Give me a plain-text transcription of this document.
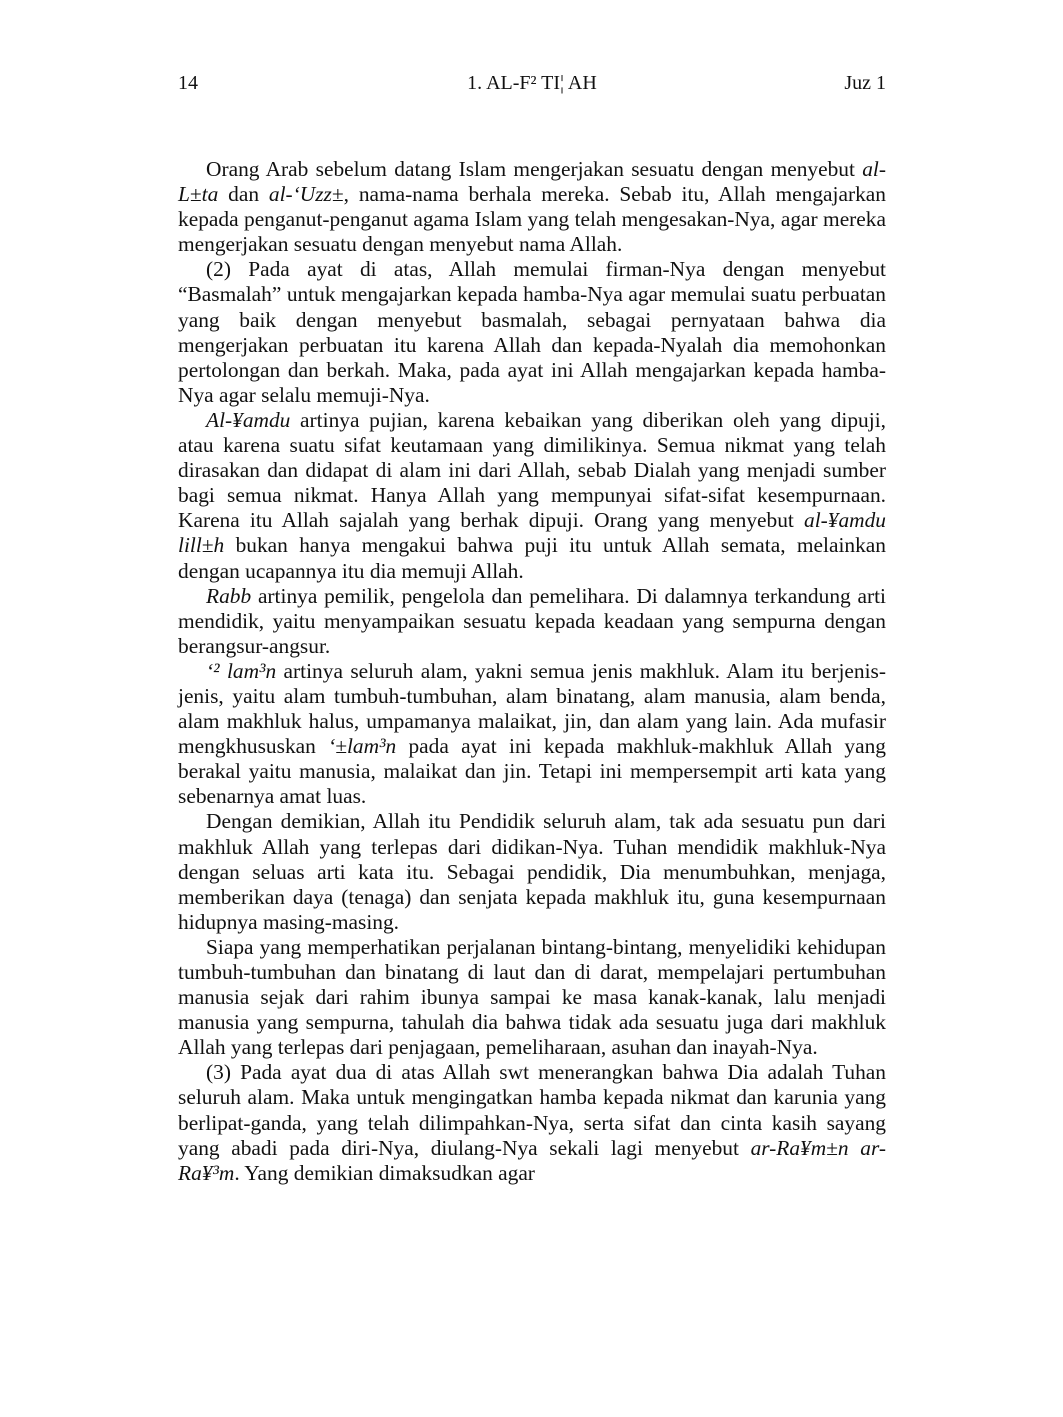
14	1. AL-F² TI¦ AH	Juz 1

Orang Arab sebelum datang Islam mengerjakan sesuatu dengan menyebut al-L±ta dan al-‘Uzz±, nama-nama berhala mereka. Sebab itu, Allah mengajarkan kepada penganut-penganut agama Islam yang telah mengesakan-Nya, agar mereka mengerjakan sesuatu dengan menyebut nama Allah.

(2) Pada ayat di atas, Allah memulai firman-Nya dengan menyebut “Basmalah” untuk mengajarkan kepada hamba-Nya agar memulai suatu perbuatan yang baik dengan menyebut basmalah, sebagai pernyataan bahwa dia mengerjakan perbuatan itu karena Allah dan kepada-Nyalah dia memohonkan pertolongan dan berkah. Maka, pada ayat ini Allah mengajarkan kepada hamba-Nya agar selalu memuji-Nya.

Al-¥amdu artinya pujian, karena kebaikan yang diberikan oleh yang dipuji, atau karena suatu sifat keutamaan yang dimilikinya. Semua nikmat yang telah dirasakan dan didapat di alam ini dari Allah, sebab Dialah yang menjadi sumber bagi semua nikmat. Hanya Allah yang mempunyai sifat-sifat kesempurnaan. Karena itu Allah sajalah yang berhak dipuji. Orang yang menyebut al-¥amdu lill±h bukan hanya mengakui bahwa puji itu untuk Allah semata, melainkan dengan ucapannya itu dia memuji Allah.

Rabb artinya pemilik, pengelola dan pemelihara. Di dalamnya terkandung arti mendidik, yaitu menyampaikan sesuatu kepada keadaan yang sempurna dengan berangsur-angsur.

‘² lam³n artinya seluruh alam, yakni semua jenis makhluk. Alam itu berjenis-jenis, yaitu alam tumbuh-tumbuhan, alam binatang, alam manusia, alam benda, alam makhluk halus, umpamanya malaikat, jin, dan alam yang lain. Ada mufasir mengkhususkan ‘±lam³n pada ayat ini kepada makhluk-makhluk Allah yang berakal yaitu manusia, malaikat dan jin. Tetapi ini mempersempit arti kata yang sebenarnya amat luas.

Dengan demikian, Allah itu Pendidik seluruh alam, tak ada sesuatu pun dari makhluk Allah yang terlepas dari didikan-Nya. Tuhan mendidik makhluk-Nya dengan seluas arti kata itu. Sebagai pendidik, Dia menumbuhkan, menjaga, memberikan daya (tenaga) dan senjata kepada makhluk itu, guna kesempurnaan hidupnya masing-masing.

Siapa yang memperhatikan perjalanan bintang-bintang, menyelidiki kehidupan tumbuh-tumbuhan dan binatang di laut dan di darat, mempelajari pertumbuhan manusia sejak dari rahim ibunya sampai ke masa kanak-kanak, lalu menjadi manusia yang sempurna, tahulah dia bahwa tidak ada sesuatu juga dari makhluk Allah yang terlepas dari penjagaan, pemeliharaan, asuhan dan inayah-Nya.

(3) Pada ayat dua di atas Allah swt menerangkan bahwa Dia adalah Tuhan seluruh alam. Maka untuk mengingatkan hamba kepada nikmat dan karunia yang berlipat-ganda, yang telah dilimpahkan-Nya, serta sifat dan cinta kasih sayang yang abadi pada diri-Nya, diulang-Nya sekali lagi menyebut ar-Ra¥m±n ar-Ra¥³m. Yang demikian dimaksudkan agar
